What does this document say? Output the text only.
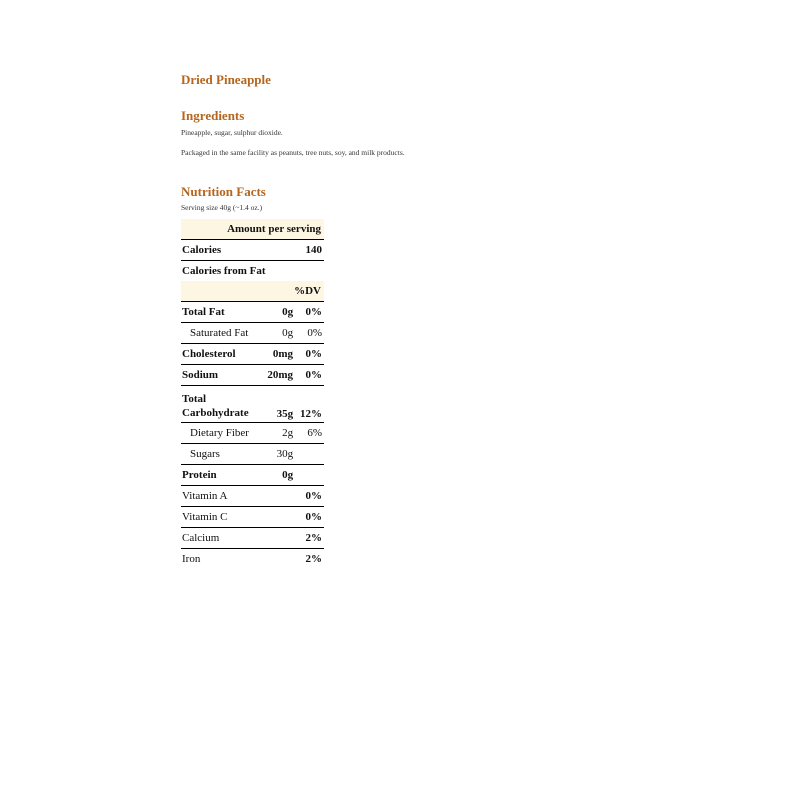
Dried Pineapple
Ingredients

Pineapple, sugar, sulphur dioxide.

Packaged in the same facility as peanuts, tree nuts, soy, and milk products.

Nutrition Facts

Serving size 40g (~1.4 oz.)

Amount per serving		
Calories	140	
Calories from Fat		
%DV		
Total Fat	0g	0%
Saturated Fat	0g	0%
Cholesterol	0mg	0%
Sodium	20mg	0%
Total
Carbohydrate	35g	12%
Dietary Fiber	2g	6%
Sugars	30g	
Protein	0g	
Vitamin A		0%
Vitamin C		0%
Calcium		2%
Iron		2%
